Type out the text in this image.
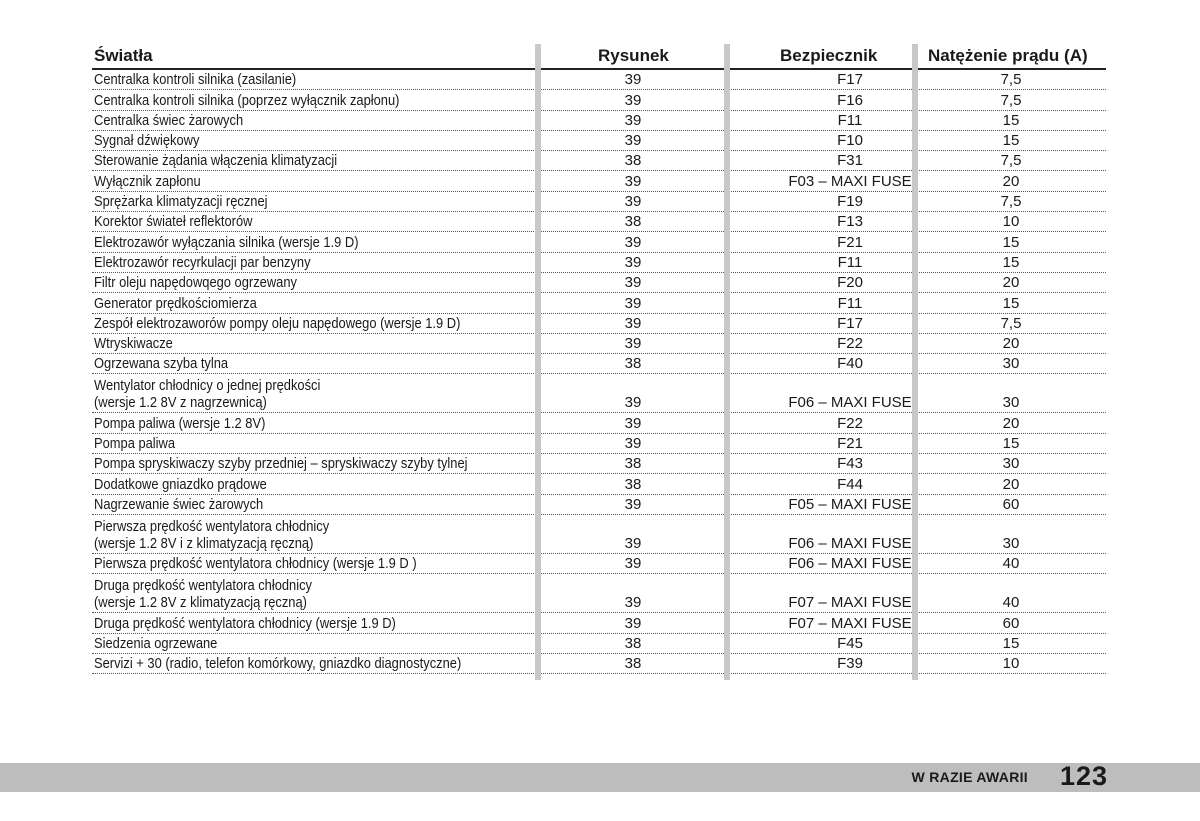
Światła	Rysunek	Bezpiecznik	Natężenie prądu (A)
Centralka kontroli silnika (zasilanie)	39	F17	7,5
Centralka kontroli silnika (poprzez wyłącznik zapłonu)	39	F16	7,5
Centralka świec żarowych	39	F11	15
Sygnał dźwiękowy	39	F10	15
Sterowanie żądania włączenia klimatyzacji	38	F31	7,5
Wyłącznik zapłonu	39	F03 – MAXI FUSE	20
Sprężarka klimatyzacji ręcznej	39	F19	7,5
Korektor świateł reflektorów	38	F13	10
Elektrozawór wyłączania silnika (wersje 1.9 D)	39	F21	15
Elektrozawór recyrkulacji par benzyny	39	F11	15
Filtr oleju napędowqego ogrzewany	39	F20	20
Generator prędkościomierza	39	F11	15
Zespół elektrozaworów pompy oleju napędowego (wersje 1.9 D)	39	F17	7,5
Wtryskiwacze	39	F22	20
Ogrzewana szyba tylna	38	F40	30
Wentylator chłodnicy o jednej prędkości
(wersje 1.2 8V z nagrzewnicą)	39	F06 – MAXI FUSE	30
Pompa paliwa (wersje 1.2 8V)	39	F22	20
Pompa paliwa	39	F21	15
Pompa spryskiwaczy szyby przedniej – spryskiwaczy szyby tylnej	38	F43	30
Dodatkowe gniazdko prądowe	38	F44	20
Nagrzewanie świec żarowych	39	F05 – MAXI FUSE	60
Pierwsza prędkość wentylatora chłodnicy
(wersje 1.2 8V i z klimatyzacją ręczną)	39	F06 – MAXI FUSE	30
Pierwsza prędkość wentylatora chłodnicy (wersje 1.9 D )	39	F06 – MAXI FUSE	40
Druga prędkość wentylatora chłodnicy
(wersje 1.2 8V z klimatyzacją ręczną)	39	F07 – MAXI FUSE	40
Druga prędkość wentylatora chłodnicy (wersje 1.9 D)	39	F07 – MAXI FUSE	60
Siedzenia ogrzewane	38	F45	15
Servizi + 30 (radio, telefon komórkowy, gniazdko diagnostyczne)	38	F39	10
W RAZIE AWARII 123
